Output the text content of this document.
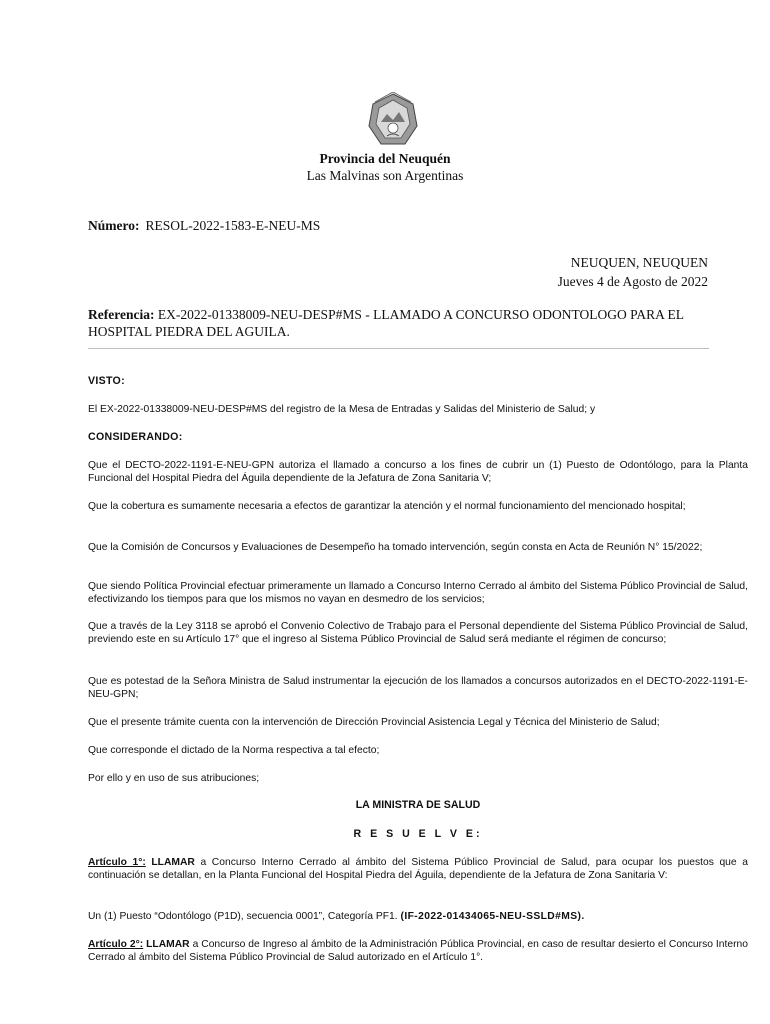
Provincia del Neuquén
Las Malvinas son Argentinas
Número: RESOL-2022-1583-E-NEU-MS
NEUQUEN, NEUQUEN
Jueves 4 de Agosto de 2022
Referencia: EX-2022-01338009-NEU-DESP#MS - LLAMADO A CONCURSO ODONTOLOGO PARA EL HOSPITAL PIEDRA DEL AGUILA.
VISTO:
El EX-2022-01338009-NEU-DESP#MS del registro de la Mesa de Entradas y Salidas del Ministerio de Salud; y
CONSIDERANDO:
Que el DECTO-2022-1191-E-NEU-GPN autoriza el llamado a concurso a los fines de cubrir un (1) Puesto de Odontólogo, para la Planta Funcional del Hospital Piedra del Águila dependiente de la Jefatura de Zona Sanitaria V;
Que la cobertura es sumamente necesaria a efectos de garantizar la atención y el normal funcionamiento del mencionado hospital;
Que la Comisión de Concursos y Evaluaciones de Desempeño ha tomado intervención, según consta en Acta de Reunión N° 15/2022;
Que siendo Política Provincial efectuar primeramente un llamado a Concurso Interno Cerrado al ámbito del Sistema Público Provincial de Salud, efectivizando los tiempos para que los mismos no vayan en desmedro de los servicios;
Que a través de la Ley 3118 se aprobó el Convenio Colectivo de Trabajo para el Personal dependiente del Sistema Público Provincial de Salud, previendo este en su Artículo 17° que el ingreso al Sistema Público Provincial de Salud será mediante el régimen de concurso;
Que es potestad de la Señora Ministra de Salud instrumentar la ejecución de los llamados a concursos autorizados en el DECTO-2022-1191-E-NEU-GPN;
Que el presente trámite cuenta con la intervención de Dirección Provincial Asistencia Legal y Técnica del Ministerio de Salud;
Que corresponde el dictado de la Norma respectiva a tal efecto;
Por ello y en uso de sus atribuciones;
LA MINISTRA DE SALUD
R E S U E L V E:
Artículo 1°: LLAMAR a Concurso Interno Cerrado al ámbito del Sistema Público Provincial de Salud, para ocupar los puestos que a continuación se detallan, en la Planta Funcional del Hospital Piedra del Águila, dependiente de la Jefatura de Zona Sanitaria V:
Un (1) Puesto “Odontólogo (P1D), secuencia 0001”, Categoría PF1. (IF-2022-01434065-NEU-SSLD#MS).
Artículo 2°: LLAMAR a Concurso de Ingreso al ámbito de la Administración Pública Provincial, en caso de resultar desierto el Concurso Interno Cerrado al ámbito del Sistema Público Provincial de Salud autorizado en el Artículo 1°.
